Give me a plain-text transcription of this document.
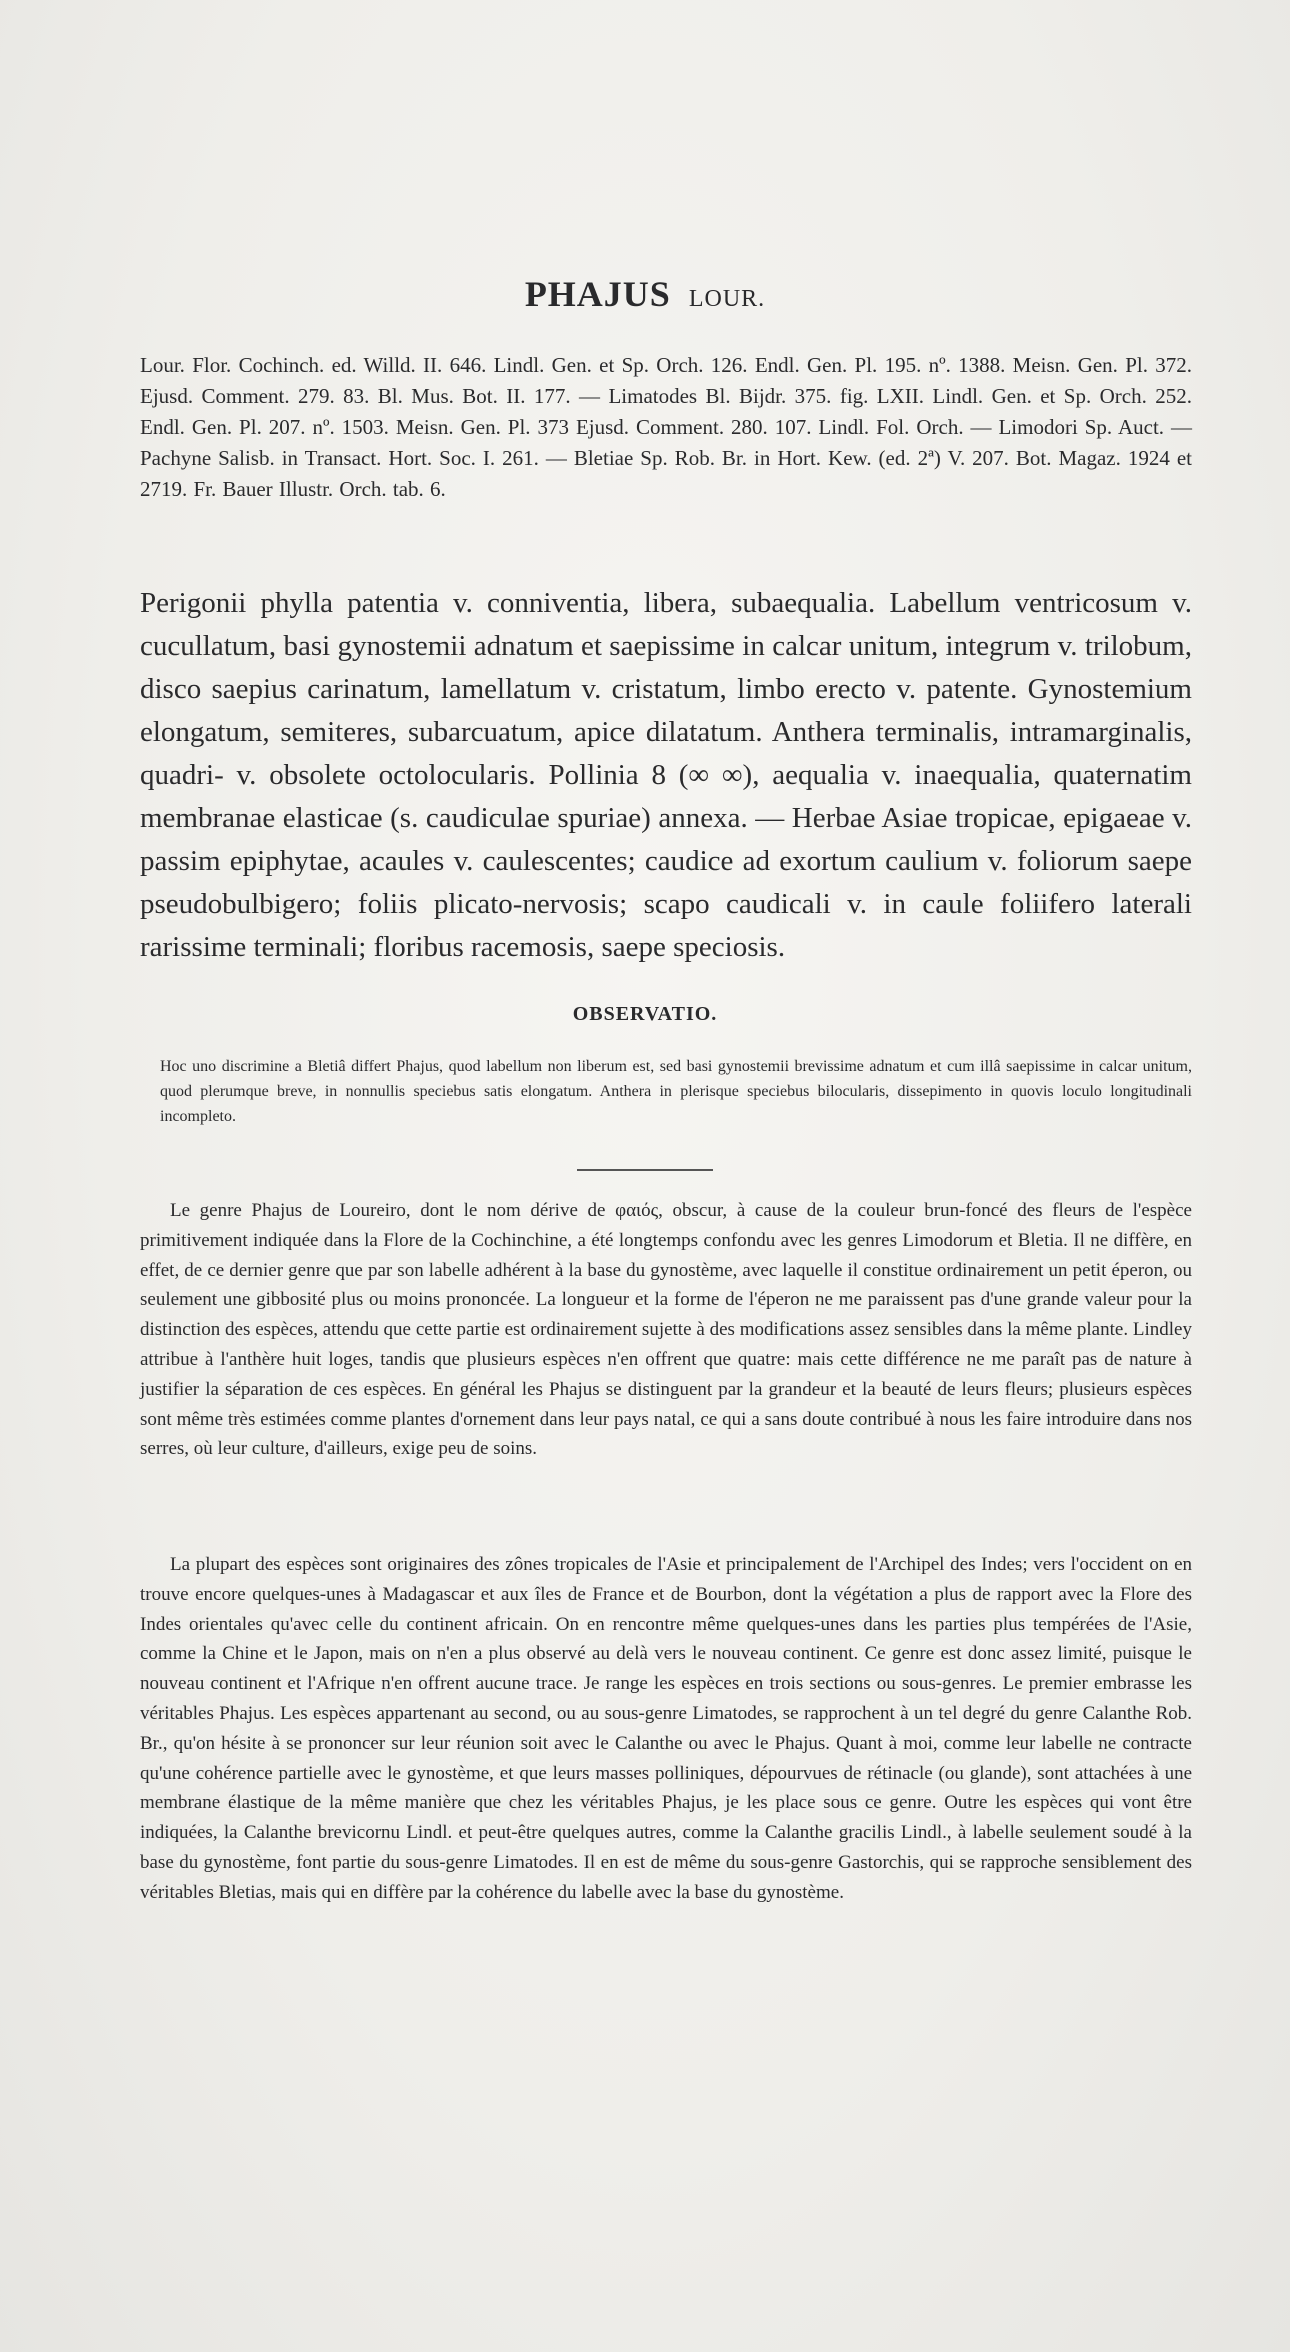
PHAJUS LOUR.
Lour. Flor. Cochinch. ed. Willd. II. 646. Lindl. Gen. et Sp. Orch. 126. Endl. Gen. Pl. 195. nº. 1388. Meisn. Gen. Pl. 372. Ejusd. Comment. 279. 83. Bl. Mus. Bot. II. 177. — Limatodes Bl. Bijdr. 375. fig. LXII. Lindl. Gen. et Sp. Orch. 252. Endl. Gen. Pl. 207. nº. 1503. Meisn. Gen. Pl. 373 Ejusd. Comment. 280. 107. Lindl. Fol. Orch. — Limodori Sp. Auct. — Pachyne Salisb. in Transact. Hort. Soc. I. 261. — Bletiae Sp. Rob. Br. in Hort. Kew. (ed. 2ª) V. 207. Bot. Magaz. 1924 et 2719. Fr. Bauer Illustr. Orch. tab. 6.
Perigonii phylla patentia v. conniventia, libera, subaequalia. Labellum ventricosum v. cucullatum, basi gynostemii adnatum et saepissime in calcar unitum, integrum v. trilobum, disco saepius carinatum, lamellatum v. cristatum, limbo erecto v. patente. Gynostemium elongatum, semiteres, subarcuatum, apice dilatatum. Anthera terminalis, intramarginalis, quadri- v. obsolete octolocularis. Pollinia 8 (∞ ∞), aequalia v. inaequalia, quaternatim membranae elasticae (s. caudiculae spuriae) annexa. — Herbae Asiae tropicae, epigaeae v. passim epiphytae, acaules v. caulescentes; caudice ad exortum caulium v. foliorum saepe pseudobulbigero; foliis plicato-nervosis; scapo caudicali v. in caule foliifero laterali rarissime terminali; floribus racemosis, saepe speciosis.
OBSERVATIO.
Hoc uno discrimine a Bletiâ differt Phajus, quod labellum non liberum est, sed basi gynostemii brevissime adnatum et cum illâ saepissime in calcar unitum, quod plerumque breve, in nonnullis speciebus satis elongatum. Anthera in plerisque speciebus bilocularis, dissepimento in quovis loculo longitudinali incompleto.
Le genre Phajus de Loureiro, dont le nom dérive de φαιός, obscur, à cause de la couleur brun-foncé des fleurs de l'espèce primitivement indiquée dans la Flore de la Cochinchine, a été longtemps confondu avec les genres Limodorum et Bletia. Il ne diffère, en effet, de ce dernier genre que par son labelle adhérent à la base du gynostème, avec laquelle il constitue ordinairement un petit éperon, ou seulement une gibbosité plus ou moins prononcée. La longueur et la forme de l'éperon ne me paraissent pas d'une grande valeur pour la distinction des espèces, attendu que cette partie est ordinairement sujette à des modifications assez sensibles dans la même plante. Lindley attribue à l'anthère huit loges, tandis que plusieurs espèces n'en offrent que quatre: mais cette différence ne me paraît pas de nature à justifier la séparation de ces espèces. En général les Phajus se distinguent par la grandeur et la beauté de leurs fleurs; plusieurs espèces sont même très estimées comme plantes d'ornement dans leur pays natal, ce qui a sans doute contribué à nous les faire introduire dans nos serres, où leur culture, d'ailleurs, exige peu de soins.
La plupart des espèces sont originaires des zônes tropicales de l'Asie et principalement de l'Archipel des Indes; vers l'occident on en trouve encore quelques-unes à Madagascar et aux îles de France et de Bourbon, dont la végétation a plus de rapport avec la Flore des Indes orientales qu'avec celle du continent africain. On en rencontre même quelques-unes dans les parties plus tempérées de l'Asie, comme la Chine et le Japon, mais on n'en a plus observé au delà vers le nouveau continent. Ce genre est donc assez limité, puisque le nouveau continent et l'Afrique n'en offrent aucune trace. Je range les espèces en trois sections ou sous-genres. Le premier embrasse les véritables Phajus. Les espèces appartenant au second, ou au sous-genre Limatodes, se rapprochent à un tel degré du genre Calanthe Rob. Br., qu'on hésite à se prononcer sur leur réunion soit avec le Calanthe ou avec le Phajus. Quant à moi, comme leur labelle ne contracte qu'une cohérence partielle avec le gynostème, et que leurs masses polliniques, dépourvues de rétinacle (ou glande), sont attachées à une membrane élastique de la même manière que chez les véritables Phajus, je les place sous ce genre. Outre les espèces qui vont être indiquées, la Calanthe brevicornu Lindl. et peut-être quelques autres, comme la Calanthe gracilis Lindl., à labelle seulement soudé à la base du gynostème, font partie du sous-genre Limatodes. Il en est de même du sous-genre Gastorchis, qui se rapproche sensiblement des véritables Bletias, mais qui en diffère par la cohérence du labelle avec la base du gynostème.
